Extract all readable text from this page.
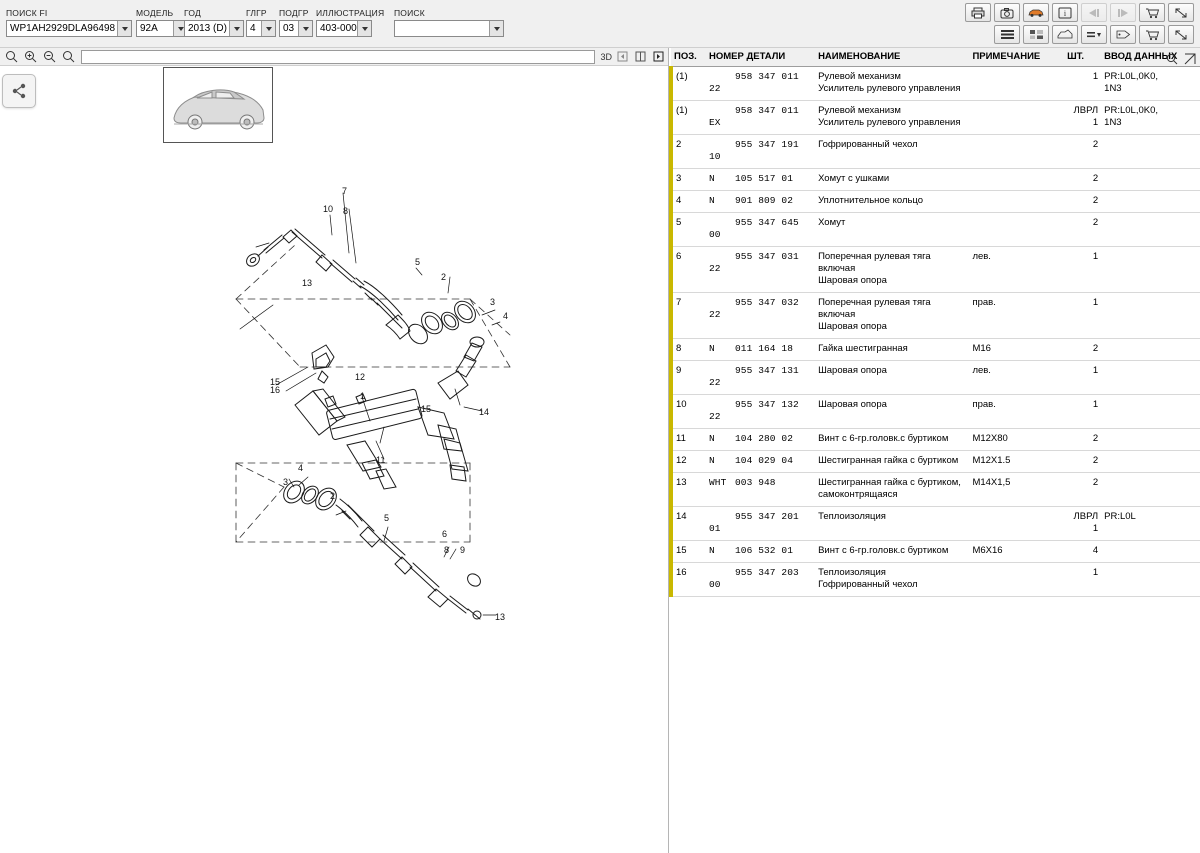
ПОИСК FI
WP1AH2929DLA96498
МОДЕЛЬ
92A
ГОД
2013 (D)
ГЛГР
4
ПОДГР
03
ИЛЛЮСТРАЦИЯ
403-000
ПОИСК	i
3D
10
7
8
5
2
3
4
13
15
16
12
1
15	14
11
4
3
2
5
6
8 9
13
ПОЗ.	НОМЕР ДЕТАЛИ	НАИМЕНОВАНИЕ	ПРИМЕЧАНИЕ	ШТ.	ВВОД ДАННЫХ
(1)	958 347 011 22	Рулевой механизм
Усилитель рулевого управления		1	PR:L0L,0K0,
1N3

(1)	958 347 011 EX	Рулевой механизм
Усилитель рулевого управления		ЛВРЛ 1	PR:L0L,0K0,
1N3

2	955 347 191 10	Гофрированный чехол		2	
3	N 105 517 01	Хомут с ушками		2	
4	N 901 809 02	Уплотнительное кольцо		2	
5	955 347 645 00	Хомут		2	
6	955 347 031 22	Поперечная рулевая тяга
включая
Шаровая опора	лев.	1	
7	955 347 032 22	Поперечная рулевая тяга
включая
Шаровая опора	прав.	1	
8	N 011 164 18	Гайка шестигранная	M16	2	
9	955 347 131 22	Шаровая опора	лев.	1	
10	955 347 132 22	Шаровая опора	прав.	1	
11	N 104 280 02	Винт с 6-гр.головк.с буртиком	M12X80	2	
12	N 104 029 04	Шестигранная гайка с буртиком	M12X1.5	2	
13	WHT 003 948	Шестигранная гайка с буртиком,
самоконтрящаяся	M14X1,5	2	
14	955 347 201 01	Теплоизоляция		ЛВРЛ 1	PR:L0L
15	N 106 532 01	Винт с 6-гр.головк.с буртиком	M6X16	4	
16	955 347 203 00	Теплоизоляция
Гофрированный чехол		1	
